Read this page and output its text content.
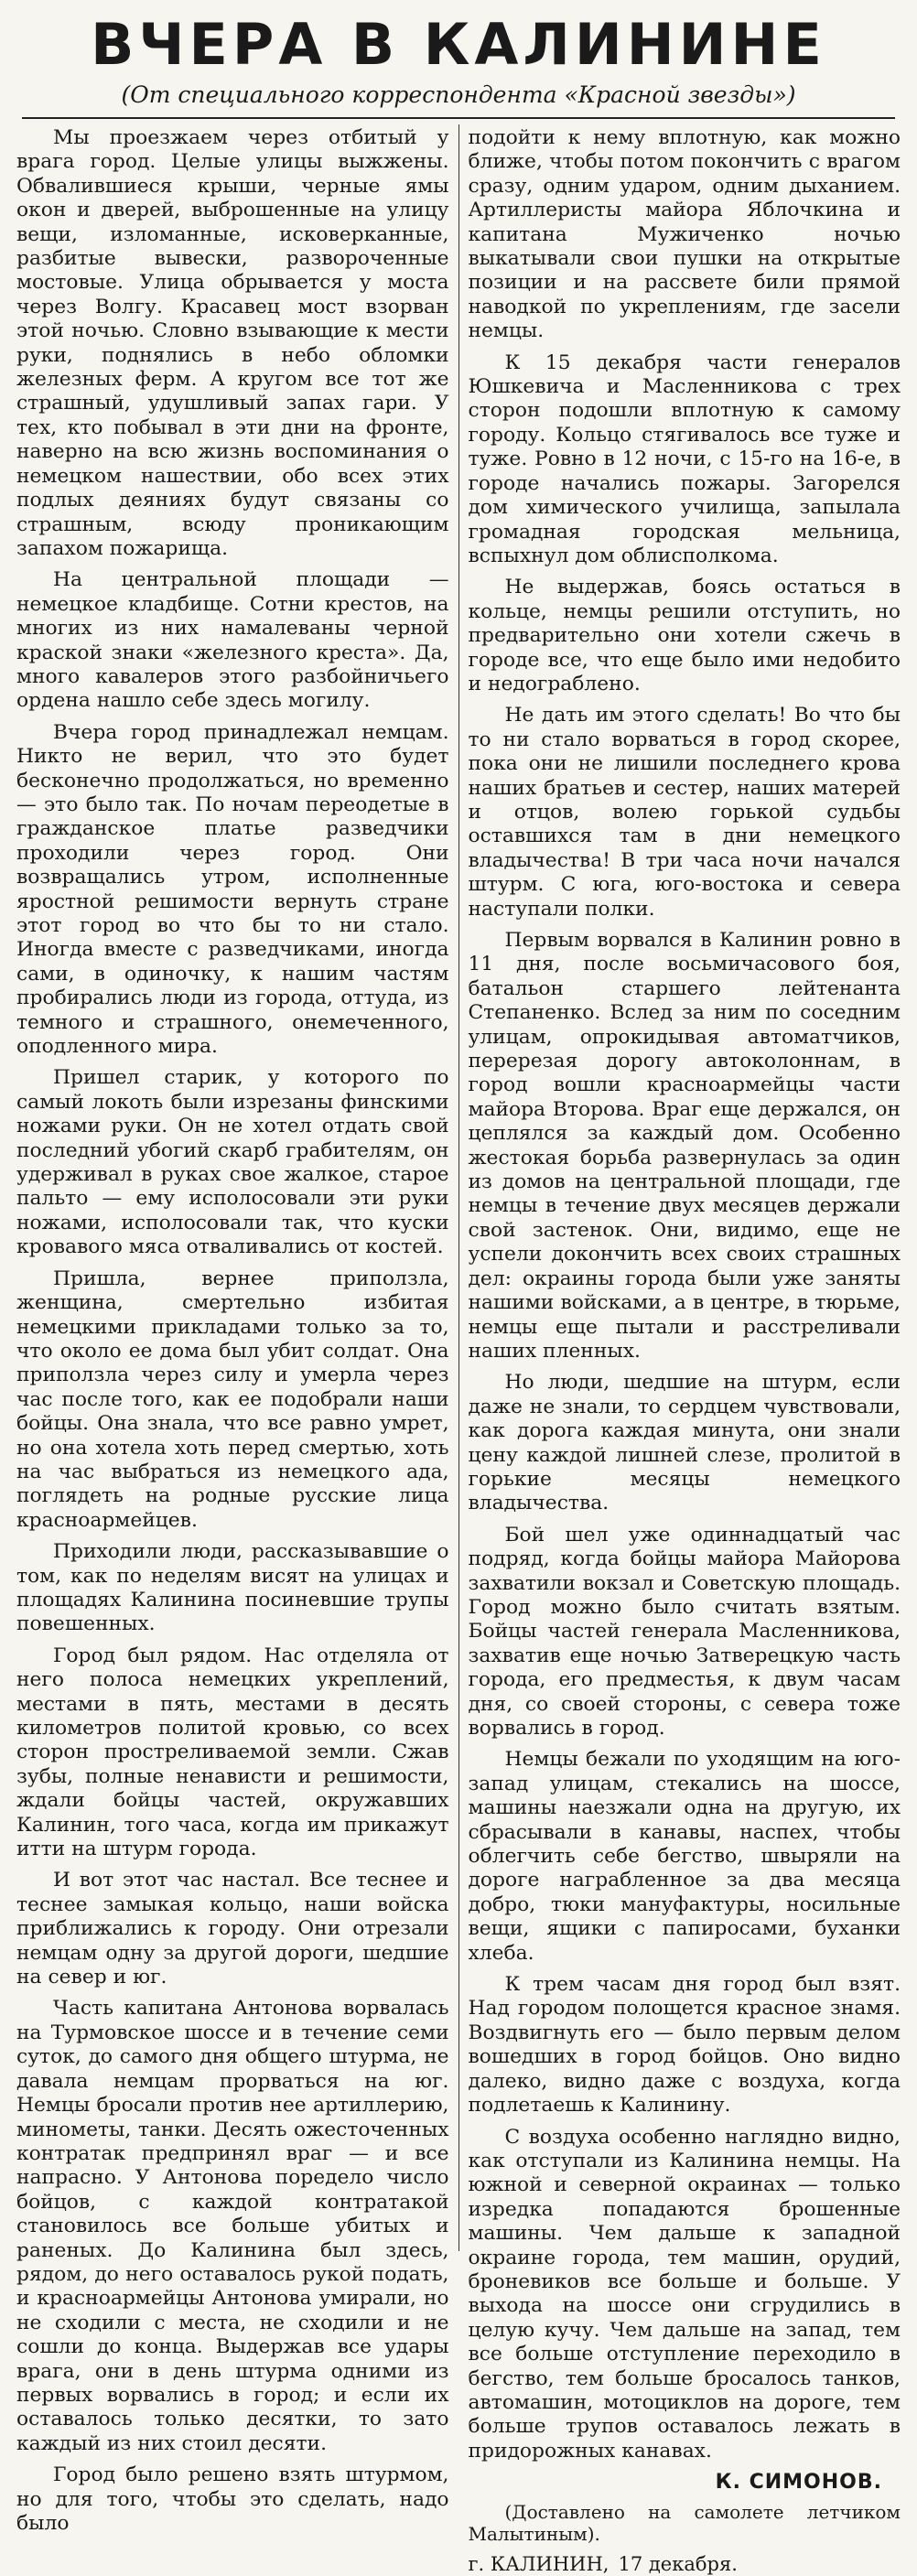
ВЧЕРА В КАЛИНИНЕ
(От специального корреспондента «Красной звезды»)

Мы проезжаем через отбитый у врага город. Целые улицы выжжены. Обвалившиеся крыши, черные ямы окон и дверей, выброшенные на улицу вещи, изломанные, исковерканные, разбитые вывески, развороченные мостовые. Улица обрывается у моста через Волгу. Красавец мост взорван этой ночью. Словно взывающие к мести руки, поднялись в небо обломки железных ферм. А кругом все тот же страшный, удушливый запах гари. У тех, кто побывал в эти дни на фронте, наверно на всю жизнь воспоминания о немецком нашествии, обо всех этих подлых деяниях будут связаны со страшным, всюду проникающим запахом пожарища.

На центральной площади — немецкое кладбище. Сотни крестов, на многих из них намалеваны черной краской знаки «железного креста». Да, много кавалеров этого разбойничьего ордена нашло себе здесь могилу.

Вчера город принадлежал немцам. Никто не верил, что это будет бесконечно продолжаться, но временно — это было так. По ночам переодетые в гражданское платье разведчики проходили через город. Они возвращались утром, исполненные яростной решимости вернуть стране этот город во что бы то ни стало. Иногда вместе с разведчиками, иногда сами, в одиночку, к нашим частям пробирались люди из города, оттуда, из темного и страшного, онемеченного, оподленного мира.

Пришел старик, у которого по самый локоть были изрезаны финскими ножами руки. Он не хотел отдать свой последний убогий скарб грабителям, он удерживал в руках свое жалкое, старое пальто — ему исполосовали эти руки ножами, исполосовали так, что куски кровавого мяса отваливались от костей.

Пришла, вернее приползла, женщина, смертельно избитая немецкими прикладами только за то, что около ее дома был убит солдат. Она приползла через силу и умерла через час после того, как ее подобрали наши бойцы. Она знала, что все равно умрет, но она хотела хоть перед смертью, хоть на час выбраться из немецкого ада, поглядеть на родные русские лица красноармейцев.

Приходили люди, рассказывавшие о том, как по неделям висят на улицах и площадях Калинина посиневшие трупы повешенных.

Город был рядом. Нас отделяла от него полоса немецких укреплений, местами в пять, местами в десять километров политой кровью, со всех сторон простреливаемой земли. Сжав зубы, полные ненависти и решимости, ждали бойцы частей, окружавших Калинин, того часа, когда им прикажут итти на штурм города.

И вот этот час настал. Все теснее и теснее замыкая кольцо, наши войска приближались к городу. Они отрезали немцам одну за другой дороги, шедшие на север и юг.

Часть капитана Антонова ворвалась на Турмовское шоссе и в течение семи суток, до самого дня общего штурма, не давала немцам прорваться на юг. Немцы бросали против нее артиллерию, минометы, танки. Десять ожесточенных контратак предпринял враг — и все напрасно. У Антонова поредело число бойцов, с каждой контратакой становилось все больше убитых и раненых. До Калинина был здесь, рядом, до него оставалось рукой подать, и красноармейцы Антонова умирали, но не сходили с места, не сходили и не сошли до конца. Выдержав все удары врага, они в день штурма одними из первых ворвались в город; и если их оставалось только десятки, то зато каждый из них стоил десяти.

Город было решено взять штурмом, но для того, чтобы это сделать, надо было

подойти к нему вплотную, как можно ближе, чтобы потом покончить с врагом сразу, одним ударом, одним дыханием. Артиллеристы майора Яблочкина и капитана Мужиченко ночью выкатывали свои пушки на открытые позиции и на рассвете били прямой наводкой по укреплениям, где засели немцы.

К 15 декабря части генералов Юшкевича и Масленникова с трех сторон подошли вплотную к самому городу. Кольцо стягивалось все туже и туже. Ровно в 12 ночи, с 15-го на 16-е, в городе начались пожары. Загорелся дом химического училища, запылала громадная городская мельница, вспыхнул дом облисполкома.

Не выдержав, боясь остаться в кольце, немцы решили отступить, но предварительно они хотели сжечь в городе все, что еще было ими недобито и недограблено.

Не дать им этого сделать! Во что бы то ни стало ворваться в город скорее, пока они не лишили последнего крова наших братьев и сестер, наших матерей и отцов, волею горькой судьбы оставшихся там в дни немецкого владычества! В три часа ночи начался штурм. С юга, юго-востока и севера наступали полки.

Первым ворвался в Калинин ровно в 11 дня, после восьмичасового боя, батальон старшего лейтенанта Степаненко. Вслед за ним по соседним улицам, опрокидывая автоматчиков, перерезая дорогу автоколоннам, в город вошли красноармейцы части майора Второва. Враг еще держался, он цеплялся за каждый дом. Особенно жестокая борьба развернулась за один из домов на центральной площади, где немцы в течение двух месяцев держали свой застенок. Они, видимо, еще не успели докончить всех своих страшных дел: окраины города были уже заняты нашими войсками, а в центре, в тюрьме, немцы еще пытали и расстреливали наших пленных.

Но люди, шедшие на штурм, если даже не знали, то сердцем чувствовали, как дорога каждая минута, они знали цену каждой лишней слезе, пролитой в горькие месяцы немецкого владычества.

Бой шел уже одиннадцатый час подряд, когда бойцы майора Майорова захватили вокзал и Советскую площадь. Город можно было считать взятым. Бойцы частей генерала Масленникова, захватив еще ночью Затверецкую часть города, его предместья, к двум часам дня, со своей стороны, с севера тоже ворвались в город.

Немцы бежали по уходящим на юго-запад улицам, стекались на шоссе, машины наезжали одна на другую, их сбрасывали в канавы, наспех, чтобы облегчить себе бегство, швыряли на дороге награбленное за два месяца добро, тюки мануфактуры, носильные вещи, ящики с папиросами, буханки хлеба.

К трем часам дня город был взят. Над городом полощется красное знамя. Воздвигнуть его — было первым делом вошедших в город бойцов. Оно видно далеко, видно даже с воздуха, когда подлетаешь к Калинину.

С воздуха особенно наглядно видно, как отступали из Калинина немцы. На южной и северной окраинах — только изредка попадаются брошенные машины. Чем дальше к западной окраине города, тем машин, орудий, броневиков все больше и больше. У выхода на шоссе они сгрудились в целую кучу. Чем дальше на запад, тем все больше отступление переходило в бегство, тем больше бросалось танков, автомашин, мотоциклов на дороге, тем больше трупов оставалось лежать в придорожных канавах.

К. СИМОНОВ.

(Доставлено на самолете летчиком Малытиным).

г. КАЛИНИН, 17 декабря.
